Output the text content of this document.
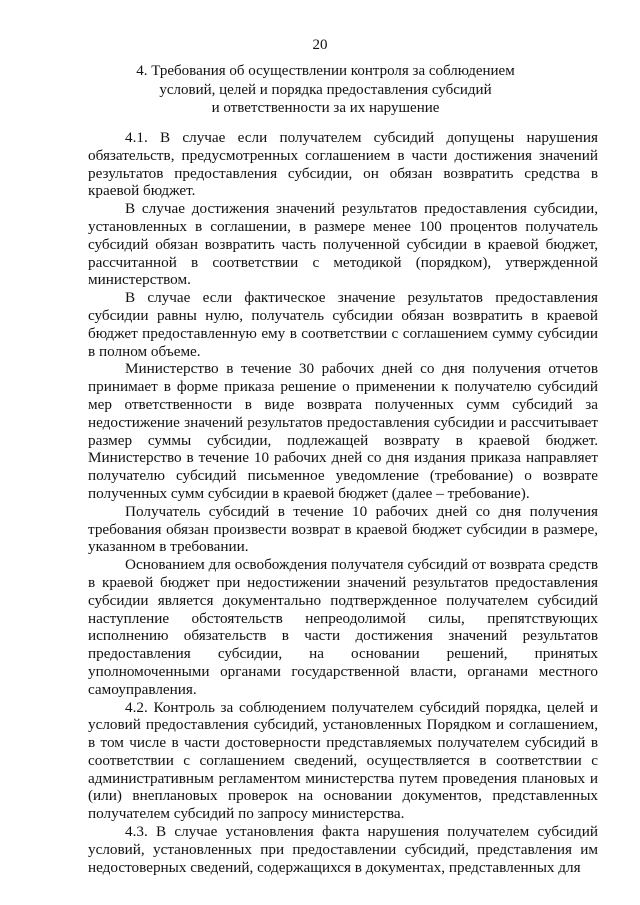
20
4. Требования об осуществлении контроля за соблюдением
условий, целей и порядка предоставления субсидий
и ответственности за их нарушение

4.1. В случае если получателем субсидий допущены нарушения обязательств, предусмотренных соглашением в части достижения значений результатов предоставления субсидии, он обязан возвратить средства в краевой бюджет.

В случае достижения значений результатов предоставления субсидии, установленных в соглашении, в размере менее 100 процентов получатель субсидий обязан возвратить часть полученной субсидии в краевой бюджет, рассчитанной в соответствии с методикой (порядком), утвержденной министерством.

В случае если фактическое значение результатов предоставления субсидии равны нулю, получатель субсидии обязан возвратить в краевой бюджет предоставленную ему в соответствии с соглашением сумму субсидии в полном объеме.

Министерство в течение 30 рабочих дней со дня получения отчетов принимает в форме приказа решение о применении к получателю субсидий мер ответственности в виде возврата полученных сумм субсидий за недостижение значений результатов предоставления субсидии и рассчитывает размер суммы субсидии, подлежащей возврату в краевой бюджет. Министерство в течение 10 рабочих дней со дня издания приказа направляет получателю субсидий письменное уведомление (требование) о возврате полученных сумм субсидии в краевой бюджет (далее – требование).

Получатель субсидий в течение 10 рабочих дней со дня получения требования обязан произвести возврат в краевой бюджет субсидии в размере, указанном в требовании.

Основанием для освобождения получателя субсидий от возврата средств в краевой бюджет при недостижении значений результатов предоставления субсидии является документально подтвержденное получателем субсидий наступление обстоятельств непреодолимой силы, препятствующих исполнению обязательств в части достижения значений результатов предоставления субсидии, на основании решений, принятых уполномоченными органами государственной власти, органами местного самоуправления.

4.2. Контроль за соблюдением получателем субсидий порядка, целей и условий предоставления субсидий, установленных Порядком и соглашением, в том числе в части достоверности представляемых получателем субсидий в соответствии с соглашением сведений, осуществляется в соответствии с административным регламентом министерства путем проведения плановых и (или) внеплановых проверок на основании документов, представленных получателем субсидий по запросу министерства.

4.3. В случае установления факта нарушения получателем субсидий условий, установленных при предоставлении субсидий, представления им недостоверных сведений, содержащихся в документах, представленных для
